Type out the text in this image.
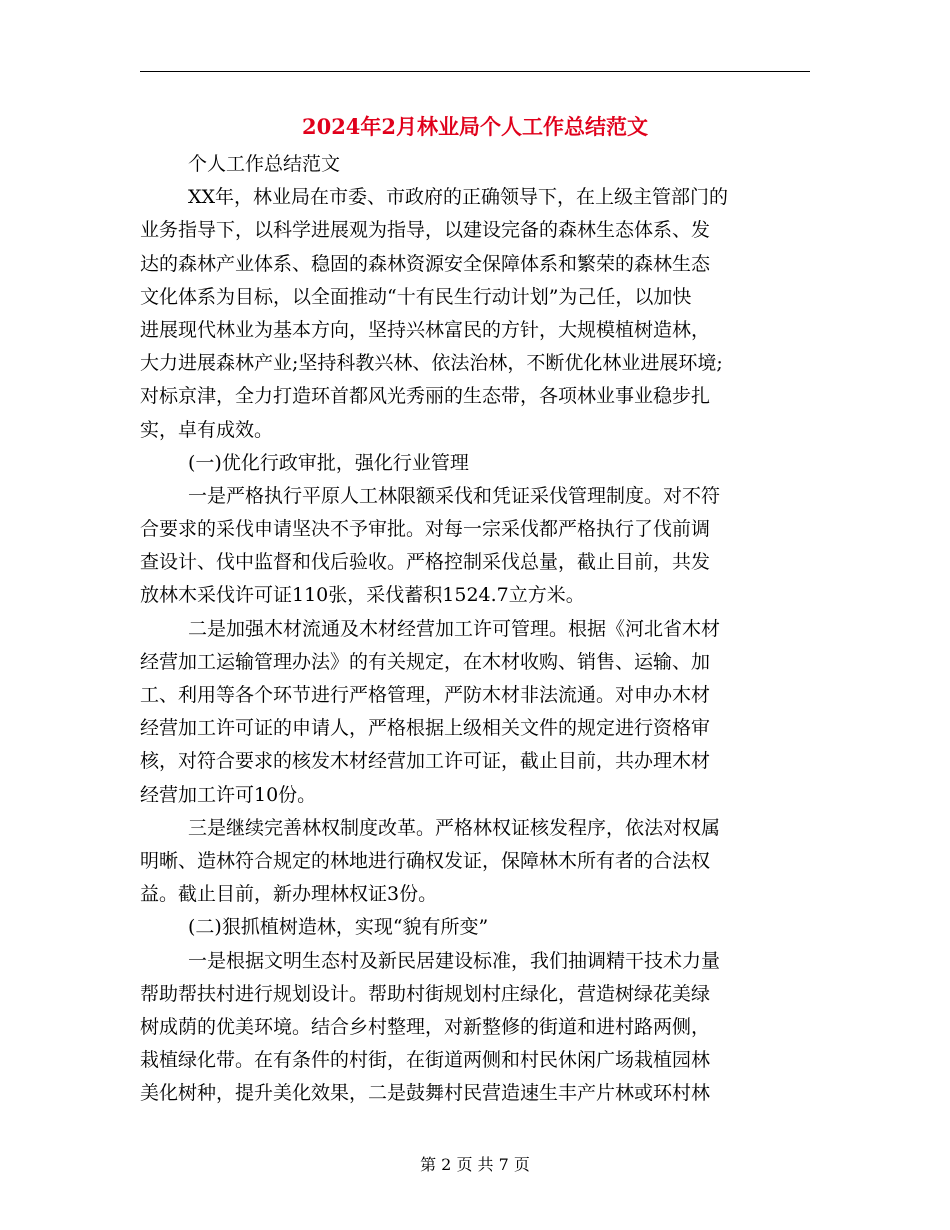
2024年2月林业局个人工作总结范文
个人工作总结范文
XX年，林业局在市委、市政府的正确领导下，在上级主管部门的
业务指导下，以科学进展观为指导，以建设完备的森林生态体系、发
达的森林产业体系、稳固的森林资源安全保障体系和繁荣的森林生态
文化体系为目标，以全面推动“十有民生行动计划”为己任，以加快
进展现代林业为基本方向，坚持兴林富民的方针，大规模植树造林，
大力进展森林产业;坚持科教兴林、依法治林，不断优化林业进展环境;
对标京津，全力打造环首都风光秀丽的生态带，各项林业事业稳步扎
实，卓有成效。
(一)优化行政审批，强化行业管理
一是严格执行平原人工林限额采伐和凭证采伐管理制度。对不符
合要求的采伐申请坚决不予审批。对每一宗采伐都严格执行了伐前调
查设计、伐中监督和伐后验收。严格控制采伐总量，截止目前，共发
放林木采伐许可证110张，采伐蓄积1524.7立方米。
二是加强木材流通及木材经营加工许可管理。根据《河北省木材
经营加工运输管理办法》的有关规定，在木材收购、销售、运输、加
工、利用等各个环节进行严格管理，严防木材非法流通。对申办木材
经营加工许可证的申请人，严格根据上级相关文件的规定进行资格审
核，对符合要求的核发木材经营加工许可证，截止目前，共办理木材
经营加工许可10份。
三是继续完善林权制度改革。严格林权证核发程序，依法对权属
明晰、造林符合规定的林地进行确权发证，保障林木所有者的合法权
益。截止目前，新办理林权证3份。
(二)狠抓植树造林，实现“貌有所变”
一是根据文明生态村及新民居建设标准，我们抽调精干技术力量
帮助帮扶村进行规划设计。帮助村街规划村庄绿化，营造树绿花美绿
树成荫的优美环境。结合乡村整理，对新整修的街道和进村路两侧，
栽植绿化带。在有条件的村街，在街道两侧和村民休闲广场栽植园林
美化树种，提升美化效果，二是鼓舞村民营造速生丰产片林或环村林
第 2 页 共 7 页
